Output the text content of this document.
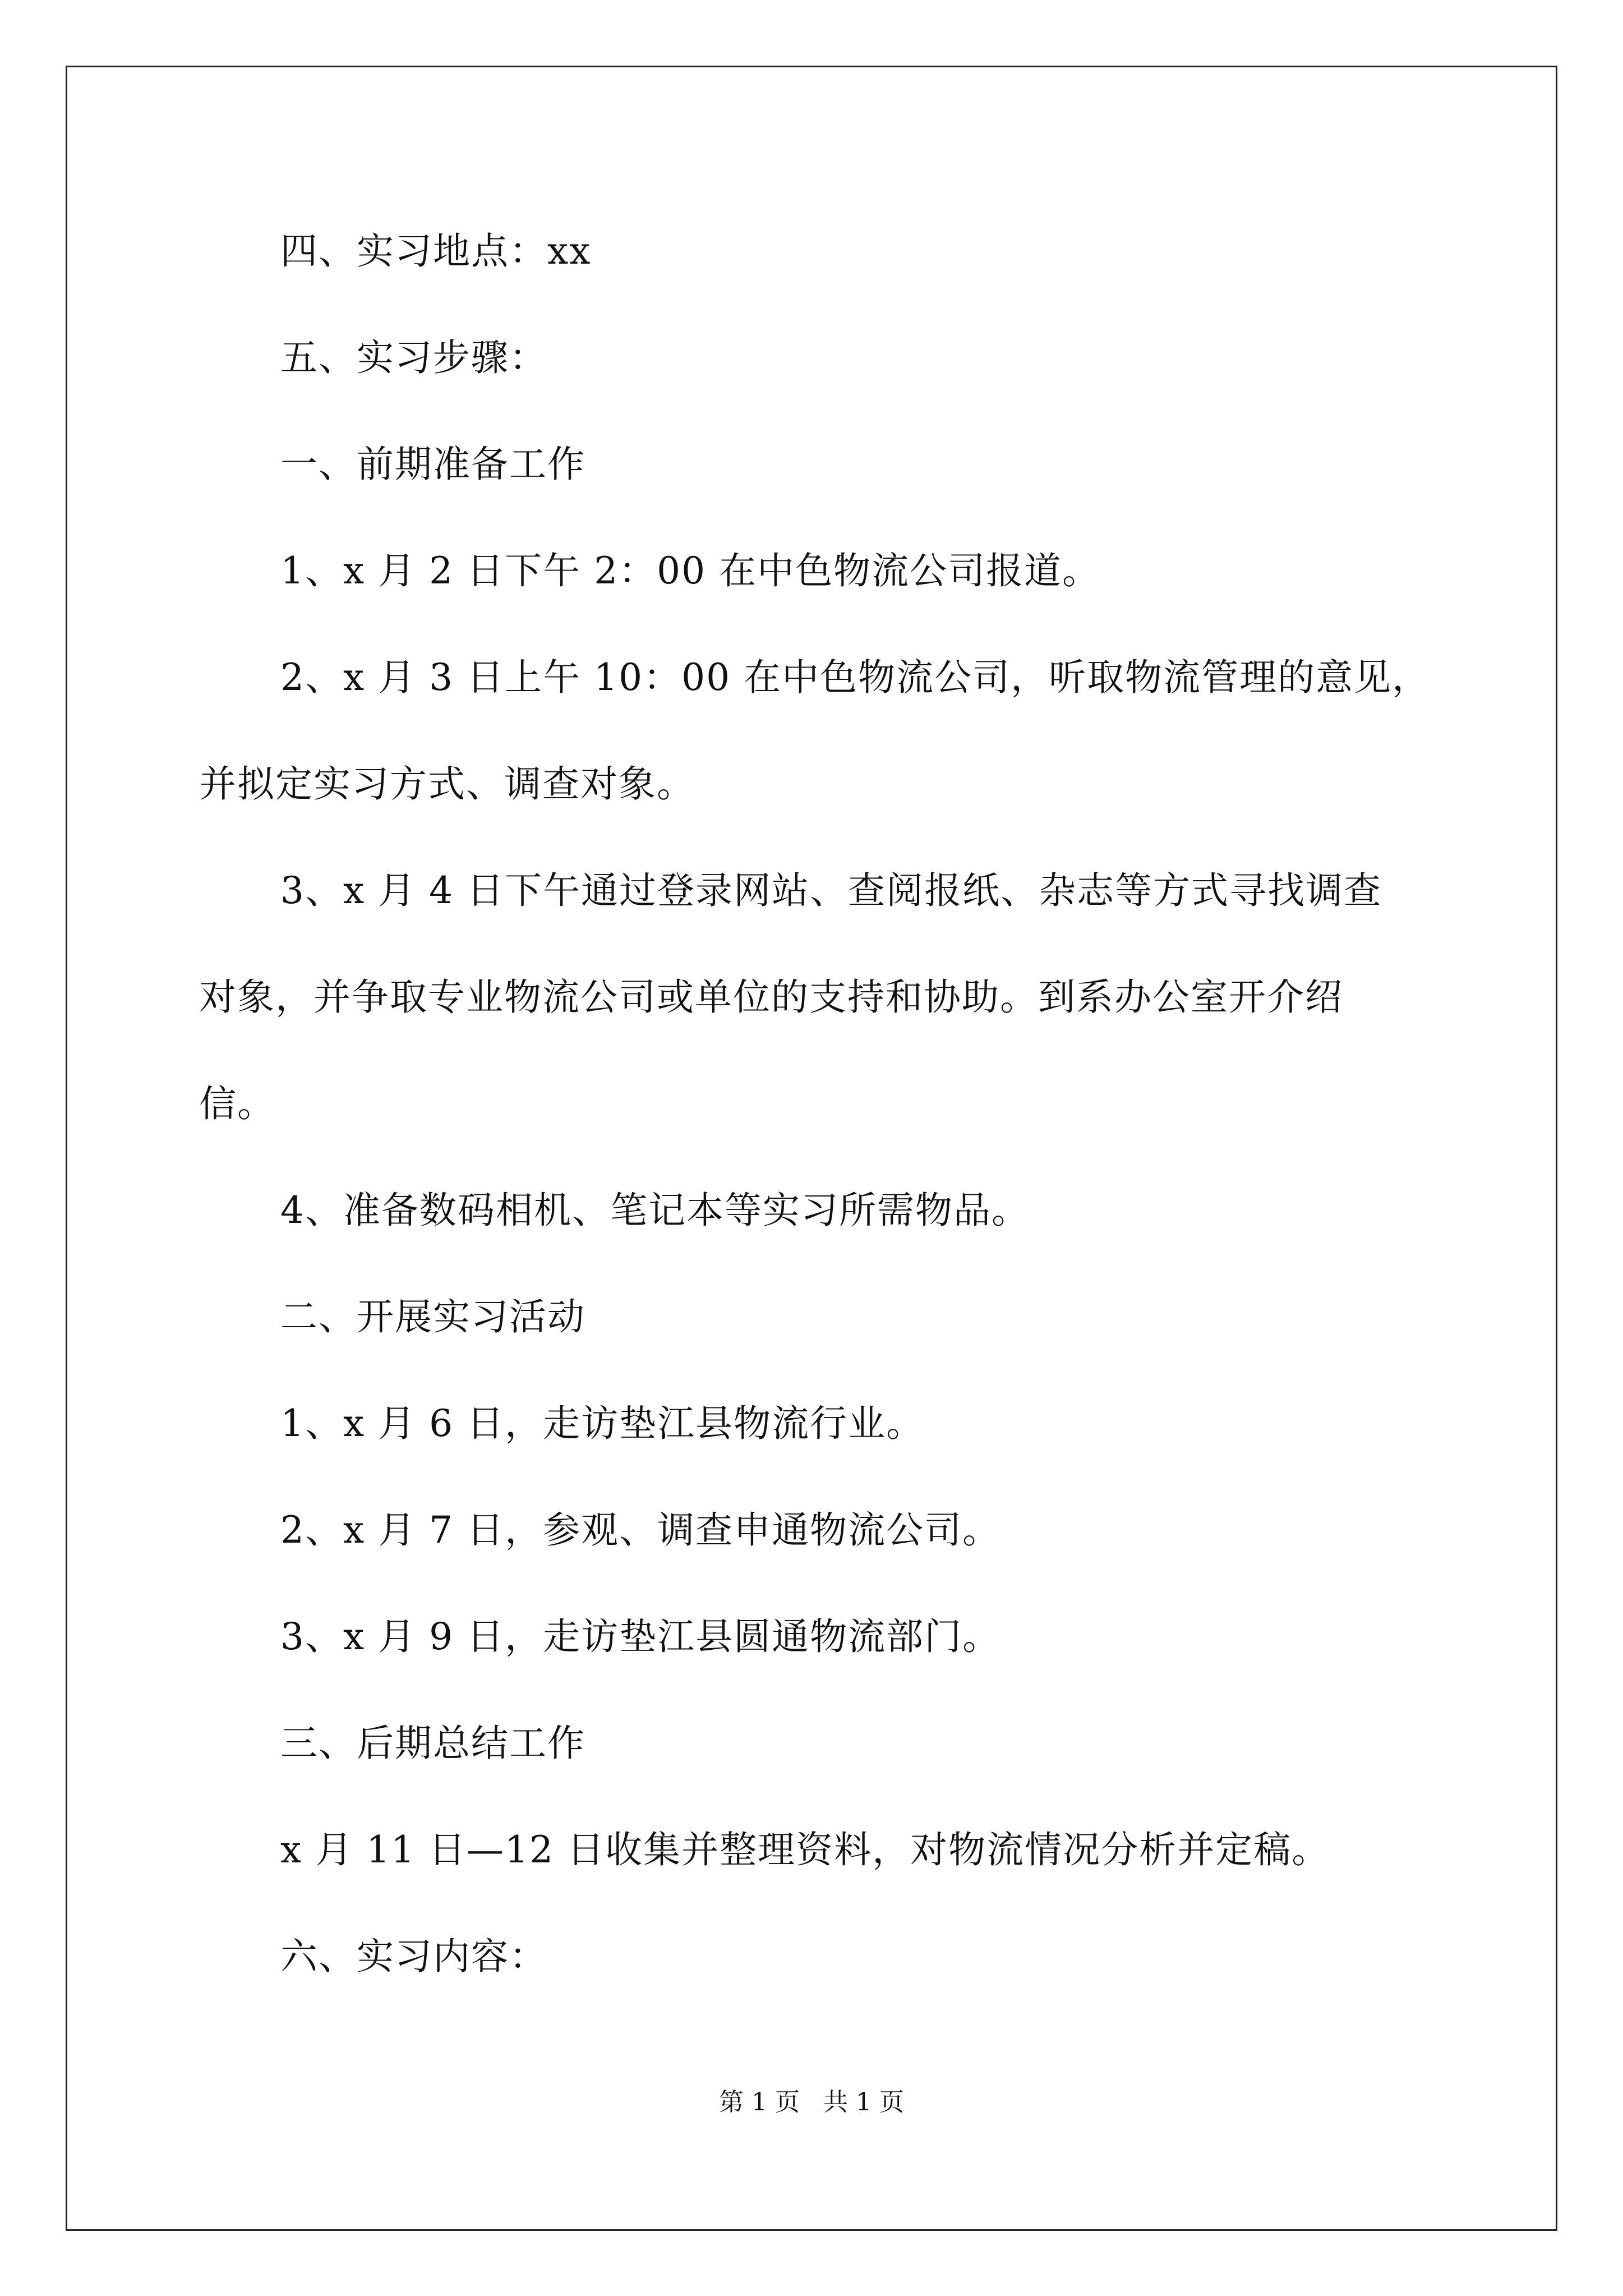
四、实习地点：xx
五、实习步骤：
一、前期准备工作
1、x 月 2 日下午 2：00 在中色物流公司报道。
2、x 月 3 日上午 10：00 在中色物流公司，听取物流管理的意见，
并拟定实习方式、调查对象。
3、x 月 4 日下午通过登录网站、查阅报纸、杂志等方式寻找调查
对象，并争取专业物流公司或单位的支持和协助。到系办公室开介绍
信。
4、准备数码相机、笔记本等实习所需物品。
二、开展实习活动
1、x 月 6 日，走访垫江县物流行业。
2、x 月 7 日，参观、调查申通物流公司。
3、x 月 9 日，走访垫江县圆通物流部门。
三、后期总结工作
x 月 11 日—12 日收集并整理资料，对物流情况分析并定稿。
六、实习内容：
第 1 页   共 1 页
